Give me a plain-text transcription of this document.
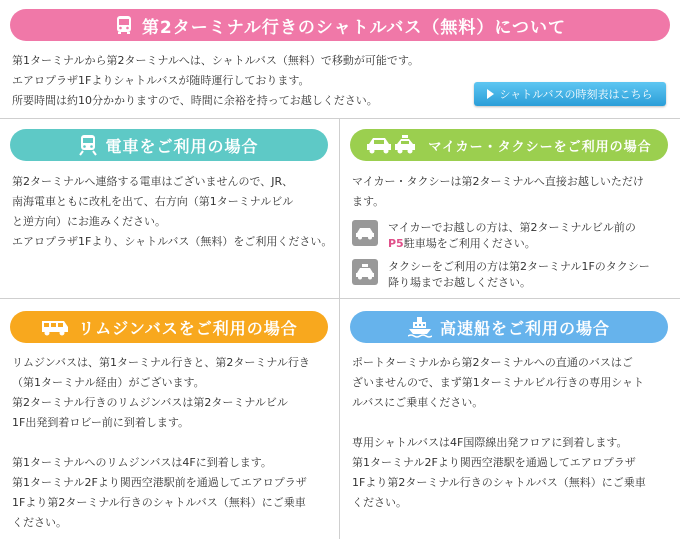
第2ターミナル行きのシャトルバス（無料）について

第1ターミナルから第2ターミナルへは、シャトルバス（無料）で移動が可能です。

エアロプラザ1Fよりシャトルバスが随時運行しております。

所要時間は約10分かかりますので、時間に余裕を持ってお越しください。	シャトルバスの時刻表はこちら
電車をご利用の場合

第2ターミナルへ連絡する電車はございませんので、JR、

南海電車ともに改札を出て、右方向（第1ターミナルビル

と逆方向）にお進みください。

エアロプラザ1Fより、シャトルバス（無料）をご利用ください。

マイカー・タクシーをご利用の場合

マイカー・タクシーは第2ターミナルへ直接お越しいただけ

ます。

マイカーでお越しの方は、第2ターミナルビル前の
P5駐車場をご利用ください。
タクシーをご利用の方は第2ターミナル1Fのタクシー
降り場までお越しください。
リムジンバスをご利用の場合

リムジンバスは、第1ターミナル行きと、第2ターミナル行き

（第1ターミナル経由）がございます。

第2ターミナル行きのリムジンバスは第2ターミナルビル

1F出発到着ロビー前に到着します。

第1ターミナルへのリムジンバスは4Fに到着します。

第1ターミナル2Fより関西空港駅前を通過してエアロプラザ

1Fより第2ターミナル行きのシャトルバス（無料）にご乗車

ください。

高速船をご利用の場合

ポートターミナルから第2ターミナルへの直通のバスはご

ざいませんので、まず第1ターミナルビル行きの専用シャト

ルバスにご乗車ください。

専用シャトルバスは4F国際線出発フロアに到着します。

第1ターミナル2Fより関西空港駅を通過してエアロプラザ

1Fより第2ターミナル行きのシャトルバス（無料）にご乗車

ください。
